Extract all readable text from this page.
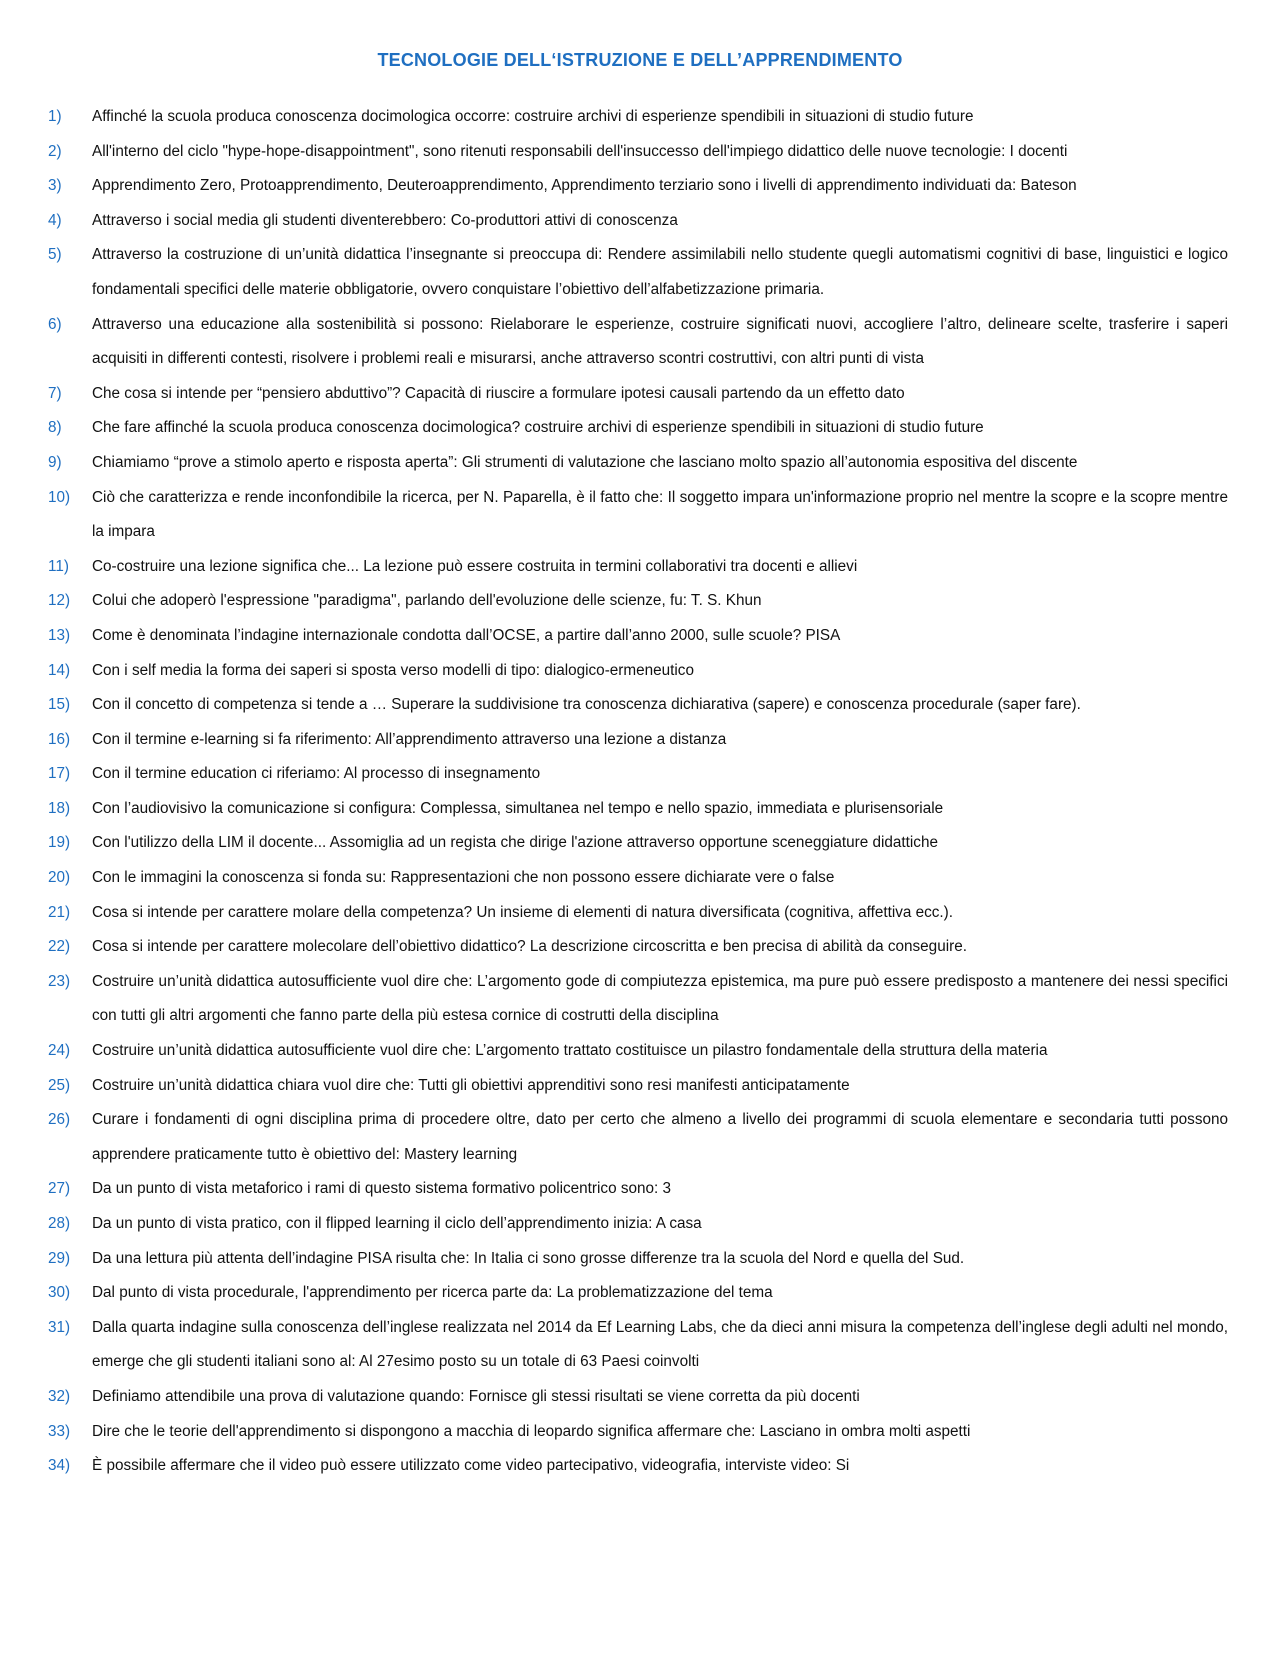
TECNOLOGIE DELL‘ISTRUZIONE E DELL’APPRENDIMENTO
1)	Affinché la scuola produca conoscenza docimologica occorre: costruire archivi di esperienze spendibili in situazioni di studio future
2)	All'interno del ciclo "hype-hope-disappointment", sono ritenuti responsabili dell'insuccesso dell'impiego didattico delle nuove tecnologie: I docenti
3)	Apprendimento Zero, Protoapprendimento, Deuteroapprendimento, Apprendimento terziario sono i livelli di apprendimento individuati da: Bateson
4)	Attraverso i social media gli studenti diventerebbero: Co-produttori attivi di conoscenza
5)	Attraverso la costruzione di un’unità didattica l’insegnante si preoccupa di: Rendere assimilabili nello studente quegli automatismi cognitivi di base, linguistici e logico fondamentali specifici delle materie obbligatorie, ovvero conquistare l’obiettivo dell’alfabetizzazione primaria.
6)	Attraverso una educazione alla sostenibilità si possono: Rielaborare le esperienze, costruire significati nuovi, accogliere l’altro, delineare scelte, trasferire i saperi acquisiti in differenti contesti, risolvere i problemi reali e misurarsi, anche attraverso scontri costruttivi, con altri punti di vista
7)	Che cosa si intende per “pensiero abduttivo”? Capacità di riuscire a formulare ipotesi causali partendo da un effetto dato
8)	Che fare affinché la scuola produca conoscenza docimologica? costruire archivi di esperienze spendibili in situazioni di studio future
9)	Chiamiamo “prove a stimolo aperto e risposta aperta”: Gli strumenti di valutazione che lasciano molto spazio all’autonomia espositiva del discente
10)	Ciò che caratterizza e rende inconfondibile la ricerca, per N. Paparella, è il fatto che: Il soggetto impara un'informazione proprio nel mentre la scopre e la scopre mentre la impara
11)	Co-costruire una lezione significa che... La lezione può essere costruita in termini collaborativi tra docenti e allievi
12)	Colui che adoperò l'espressione "paradigma", parlando dell'evoluzione delle scienze, fu: T. S. Khun
13)	Come è denominata l’indagine internazionale condotta dall’OCSE, a partire dall’anno 2000, sulle scuole? PISA
14)	Con i self media la forma dei saperi si sposta verso modelli di tipo: dialogico-ermeneutico
15)	Con il concetto di competenza si tende a … Superare la suddivisione tra conoscenza dichiarativa (sapere) e conoscenza procedurale (saper fare).
16)	Con il termine e-learning si fa riferimento: All’apprendimento attraverso una lezione a distanza
17)	Con il termine education ci riferiamo: Al processo di insegnamento
18)	Con l’audiovisivo la comunicazione si configura: Complessa, simultanea nel tempo e nello spazio, immediata e plurisensoriale
19)	Con l'utilizzo della LIM il docente... Assomiglia ad un regista che dirige l'azione attraverso opportune sceneggiature didattiche
20)	Con le immagini la conoscenza si fonda su: Rappresentazioni che non possono essere dichiarate vere o false
21)	Cosa si intende per carattere molare della competenza? Un insieme di elementi di natura diversificata (cognitiva, affettiva ecc.).
22)	Cosa si intende per carattere molecolare dell’obiettivo didattico? La descrizione circoscritta e ben precisa di abilità da conseguire.
23)	Costruire un’unità didattica autosufficiente vuol dire che: L’argomento gode di compiutezza epistemica, ma pure può essere predisposto a mantenere dei nessi specifici con tutti gli altri argomenti che fanno parte della più estesa cornice di costrutti della disciplina
24)	Costruire un’unità didattica autosufficiente vuol dire che: L’argomento trattato costituisce un pilastro fondamentale della struttura della materia
25)	Costruire un’unità didattica chiara vuol dire che: Tutti gli obiettivi apprenditivi sono resi manifesti anticipatamente
26)	Curare i fondamenti di ogni disciplina prima di procedere oltre, dato per certo che almeno a livello dei programmi di scuola elementare e secondaria tutti possono apprendere praticamente tutto è obiettivo del: Mastery learning
27)	Da un punto di vista metaforico i rami di questo sistema formativo policentrico sono: 3
28)	Da un punto di vista pratico, con il flipped learning il ciclo dell’apprendimento inizia: A casa
29)	Da una lettura più attenta dell’indagine PISA risulta che: In Italia ci sono grosse differenze tra la scuola del Nord e quella del Sud.
30)	Dal punto di vista procedurale, l'apprendimento per ricerca parte da: La problematizzazione del tema
31)	Dalla quarta indagine sulla conoscenza dell’inglese realizzata nel 2014 da Ef Learning Labs, che da dieci anni misura la competenza dell’inglese degli adulti nel mondo, emerge che gli studenti italiani sono al: Al 27esimo posto su un totale di 63 Paesi coinvolti
32)	Definiamo attendibile una prova di valutazione quando: Fornisce gli stessi risultati se viene corretta da più docenti
33)	Dire che le teorie dell'apprendimento si dispongono a macchia di leopardo significa affermare che: Lasciano in ombra molti aspetti
34)	È possibile affermare che il video può essere utilizzato come video partecipativo, videografia, interviste video: Si
